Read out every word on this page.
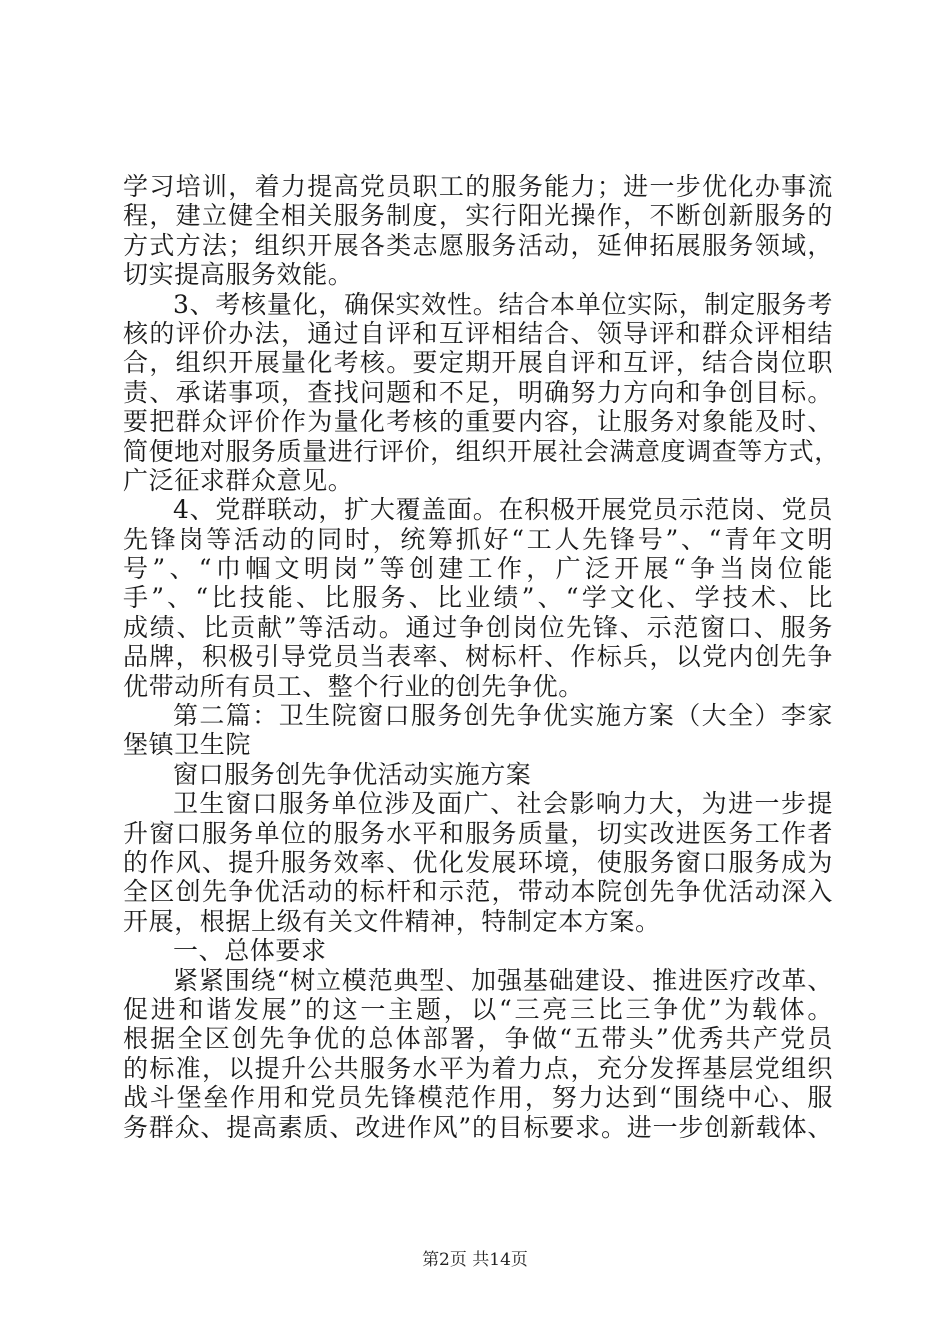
学习培训，着力提高党员职工的服务能力；进一步优化办事流
程，建立健全相关服务制度，实行阳光操作，不断创新服务的
方式方法；组织开展各类志愿服务活动，延伸拓展服务领域，
切实提高服务效能。
3、考核量化，确保实效性。结合本单位实际，制定服务考
核的评价办法，通过自评和互评相结合、领导评和群众评相结
合，组织开展量化考核。要定期开展自评和互评，结合岗位职
责、承诺事项，查找问题和不足，明确努力方向和争创目标。
要把群众评价作为量化考核的重要内容，让服务对象能及时、
简便地对服务质量进行评价，组织开展社会满意度调查等方式，
广泛征求群众意见。
4、党群联动，扩大覆盖面。在积极开展党员示范岗、党员
先锋岗等活动的同时，统筹抓好“工人先锋号”、“青年文明
号”、“巾帼文明岗”等创建工作，广泛开展“争当岗位能
手”、“比技能、比服务、比业绩”、“学文化、学技术、比
成绩、比贡献”等活动。通过争创岗位先锋、示范窗口、服务
品牌，积极引导党员当表率、树标杆、作标兵，以党内创先争
优带动所有员工、整个行业的创先争优。
第二篇：卫生院窗口服务创先争优实施方案（大全）李家
堡镇卫生院
窗口服务创先争优活动实施方案
卫生窗口服务单位涉及面广、社会影响力大，为进一步提
升窗口服务单位的服务水平和服务质量，切实改进医务工作者
的作风、提升服务效率、优化发展环境，使服务窗口服务成为
全区创先争优活动的标杆和示范，带动本院创先争优活动深入
开展，根据上级有关文件精神，特制定本方案。
一、总体要求
紧紧围绕“树立模范典型、加强基础建设、推进医疗改革、
促进和谐发展”的这一主题，以“三亮三比三争优”为载体。
根据全区创先争优的总体部署，争做“五带头”优秀共产党员
的标准，以提升公共服务水平为着力点，充分发挥基层党组织
战斗堡垒作用和党员先锋模范作用，努力达到“围绕中心、服
务群众、提高素质、改进作风”的目标要求。进一步创新载体、
第2页 共14页
